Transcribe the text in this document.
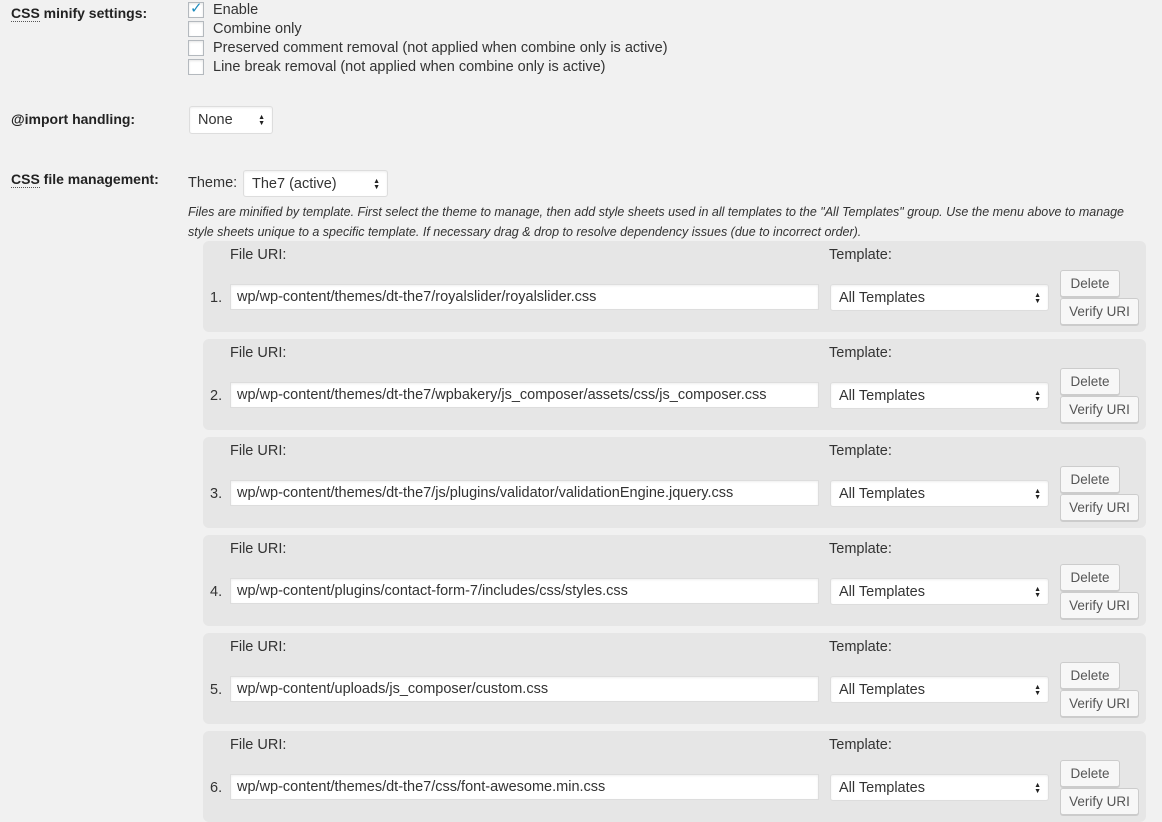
CSS minify settings:	✓ Enable
Combine only
Preserved comment removal (not applied when combine only is active)
Line break removal (not applied when combine only is active)
@import handling:	None	▲
▼
CSS file management: Theme: The7 (active)	▲
▼
Files are minified by template. First select the theme to manage, then add style sheets used in all templates to the "All Templates" group. Use the menu above to manage style sheets unique to a specific template. If necessary drag & drop to resolve dependency issues (due to incorrect order).
File URI:	Template:
1. wp/wp-content/themes/dt-the7/royalslider/royalslider.css	All Templates	▲
▼
Delete
Verify URI
File URI:	Template:
2. wp/wp-content/themes/dt-the7/wpbakery/js_composer/assets/css/js_composer.css	All Templates	▲
▼
Delete
Verify URI
File URI:	Template:
3. wp/wp-content/themes/dt-the7/js/plugins/validator/validationEngine.jquery.css	All Templates	▲
▼
Delete
Verify URI
File URI:	Template:
4. wp/wp-content/plugins/contact-form-7/includes/css/styles.css	All Templates	▲
▼
Delete
Verify URI
File URI:	Template:
5. wp/wp-content/uploads/js_composer/custom.css	All Templates	▲
▼
Delete
Verify URI
File URI:	Template:
6. wp/wp-content/themes/dt-the7/css/font-awesome.min.css	All Templates	▲
▼
Delete
Verify URI
